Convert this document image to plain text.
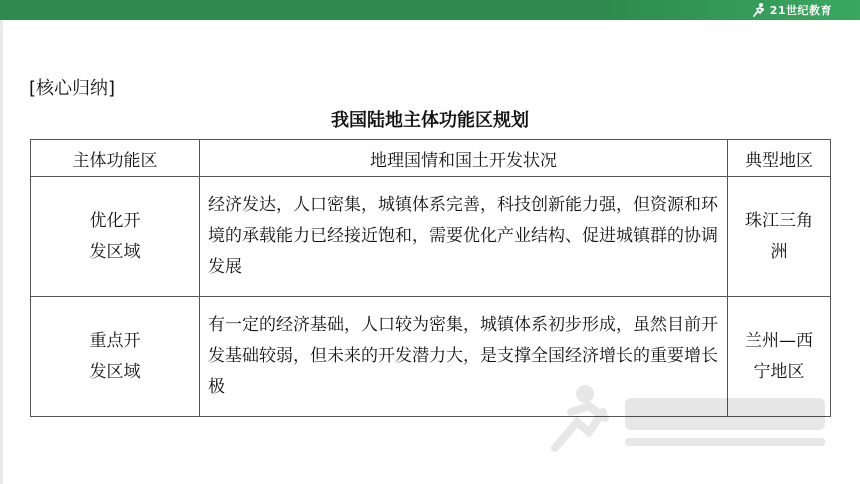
21世纪教育
[核心归纳]
我国陆地主体功能区规划
主体功能区	地理国情和国土开发状况	典型地区
优化开
发区域	经济发达，人口密集，城镇体系完善，科技创新能力强，但资源和环境的承载能力已经接近饱和，需要优化产业结构、促进城镇群的协调发展	珠江三角
洲
重点开
发区域	有一定的经济基础，人口较为密集，城镇体系初步形成，虽然目前开发基础较弱，但未来的开发潜力大，是支撑全国经济增长的重要增长极	兰州—西
宁地区
